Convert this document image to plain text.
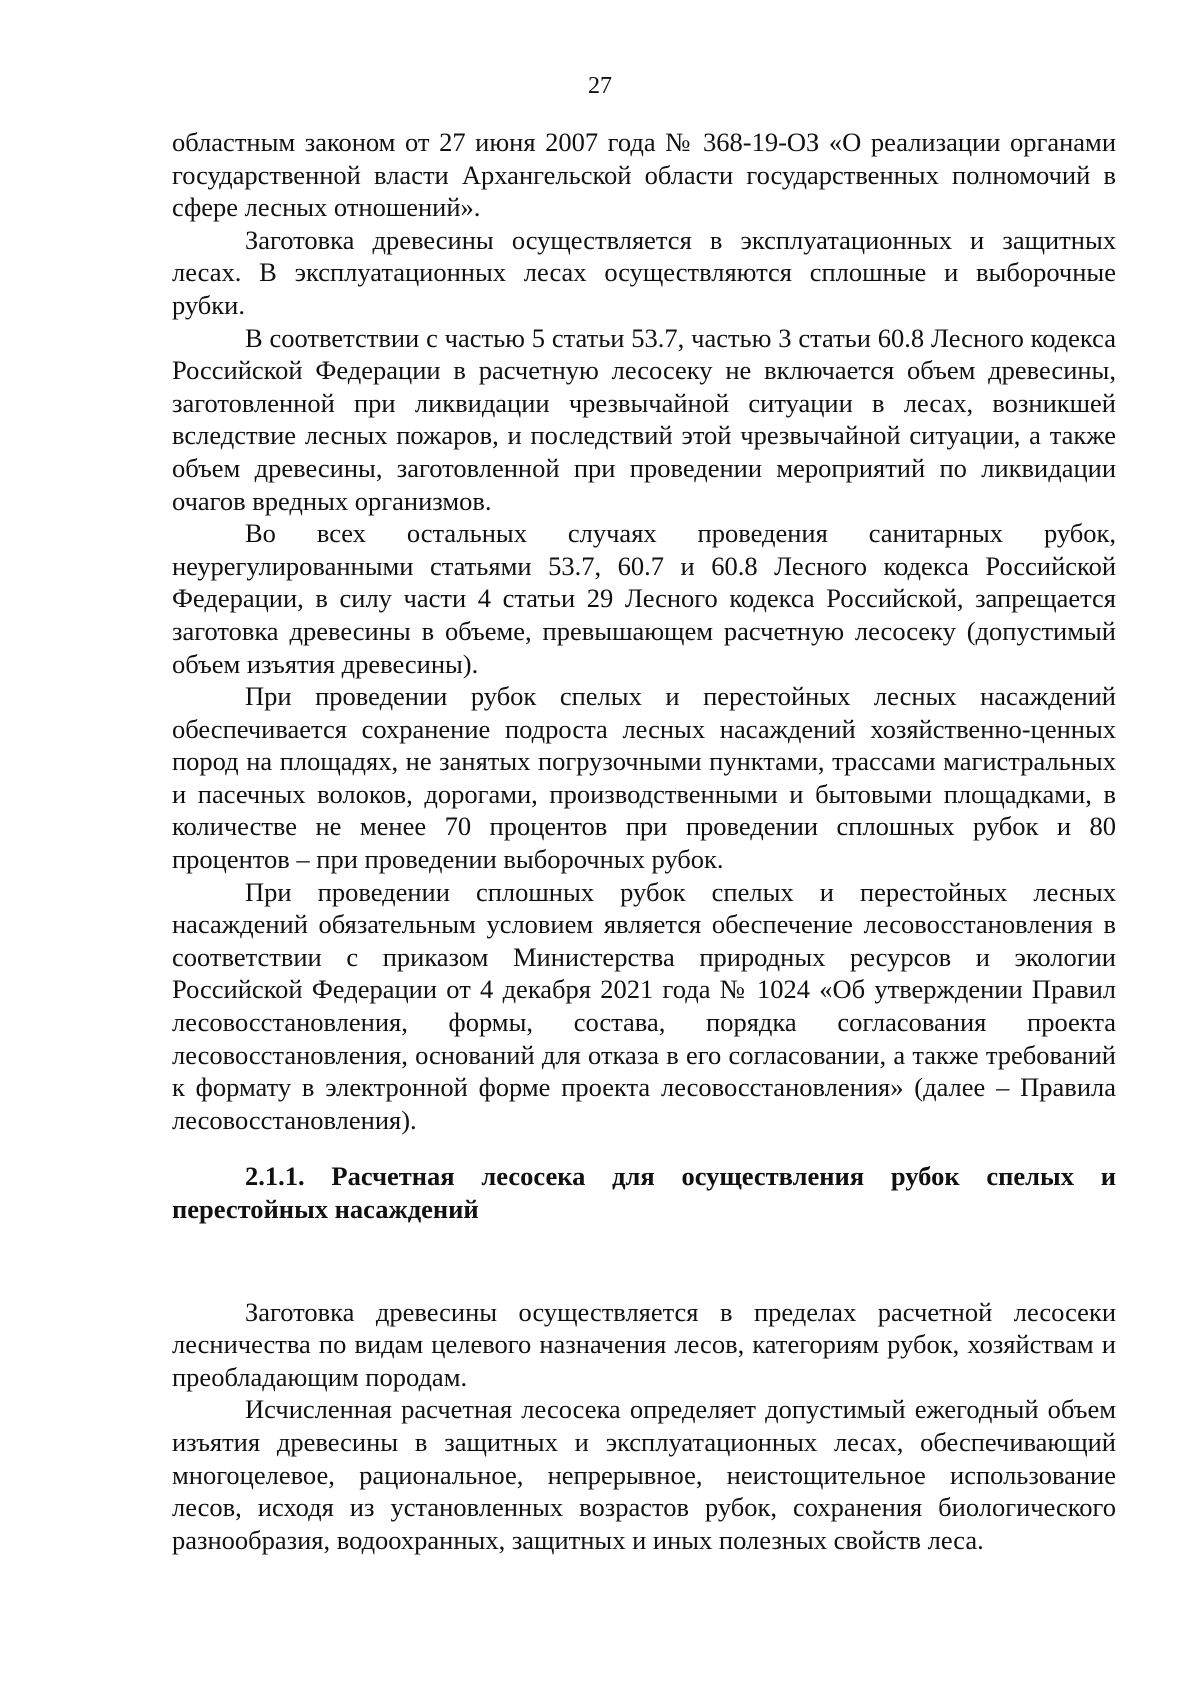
27

областным законом от 27 июня 2007 года № 368-19-ОЗ «О реализации органами государственной власти Архангельской области государственных полномочий в сфере лесных отношений».

Заготовка древесины осуществляется в эксплуатационных и защитных лесах. В эксплуатационных лесах осуществляются сплошные и выборочные рубки.

В соответствии с частью 5 статьи 53.7, частью 3 статьи 60.8 Лесного кодекса Российской Федерации в расчетную лесосеку не включается объем древесины, заготовленной при ликвидации чрезвычайной ситуации в лесах, возникшей вследствие лесных пожаров, и последствий этой чрезвычайной ситуации, а также объем древесины, заготовленной при проведении мероприятий по ликвидации очагов вредных организмов.

Во всех остальных случаях проведения санитарных рубок, неурегулированными статьями 53.7, 60.7 и 60.8 Лесного кодекса Российской Федерации, в силу части 4 статьи 29 Лесного кодекса Российской, запрещается заготовка древесины в объеме, превышающем расчетную лесосеку (допустимый объем изъятия древесины).

При проведении рубок спелых и перестойных лесных насаждений обеспечивается сохранение подроста лесных насаждений хозяйственно-ценных пород на площадях, не занятых погрузочными пунктами, трассами магистральных и пасечных волоков, дорогами, производственными и бытовыми площадками, в количестве не менее 70 процентов при проведении сплошных рубок и 80 процентов – при проведении выборочных рубок.

При проведении сплошных рубок спелых и перестойных лесных насаждений обязательным условием является обеспечение лесовосстановления в соответствии с приказом Министерства природных ресурсов и экологии Российской Федерации от 4 декабря 2021 года № 1024 «Об утверждении Правил лесовосстановления, формы, состава, порядка согласования проекта лесовосстановления, оснований для отказа в его согласовании, а также требований к формату в электронной форме проекта лесовосстановления» (далее – Правила лесовосстановления).

2.1.1. Расчетная лесосека для осуществления рубок спелых и перестойных насаждений

Заготовка древесины осуществляется в пределах расчетной лесосеки лесничества по видам целевого назначения лесов, категориям рубок, хозяйствам и преобладающим породам.

Исчисленная расчетная лесосека определяет допустимый ежегодный объем изъятия древесины в защитных и эксплуатационных лесах, обеспечивающий многоцелевое, рациональное, непрерывное, неистощительное использование лесов, исходя из установленных возрастов рубок, сохранения биологического разнообразия, водоохранных, защитных и иных полезных свойств леса.
